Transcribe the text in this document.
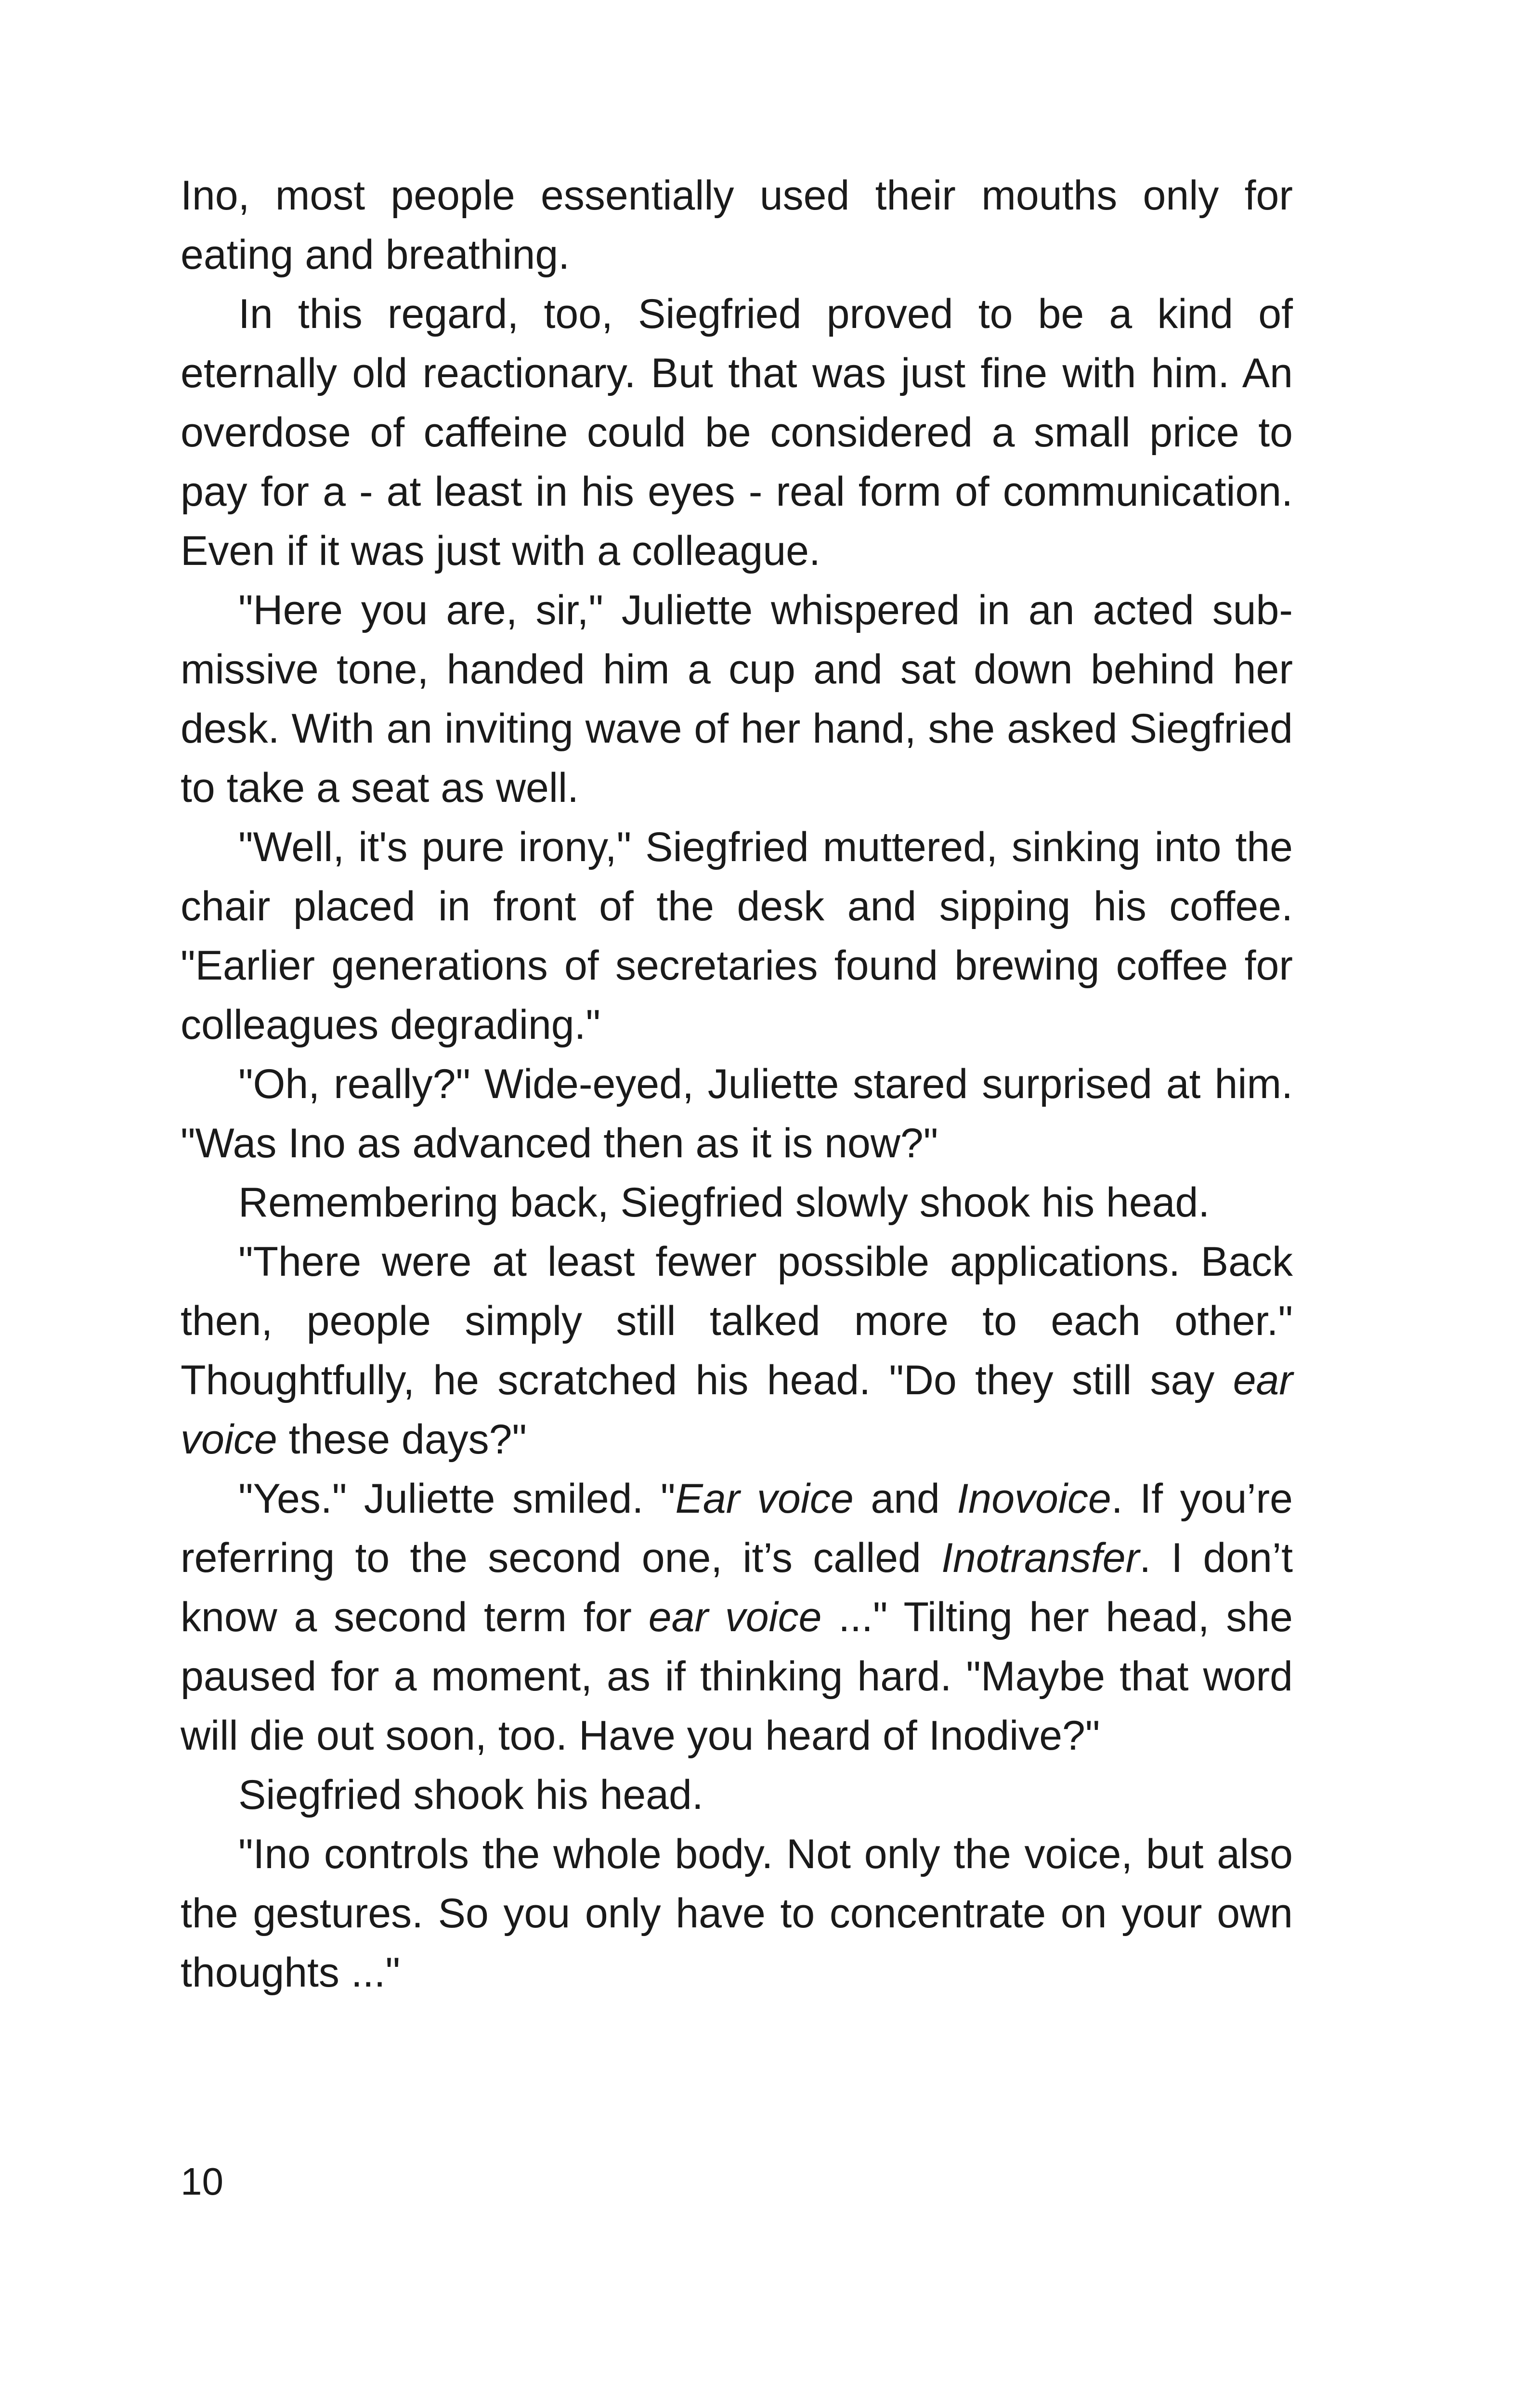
Ino, most people essentially used their mouths only for eating and breathing.

In this regard, too, Siegfried proved to be a kind of eternally old reactionary. But that was just fine with him. An overdose of caffeine could be considered a small price to pay for a - at least in his eyes - real form of communication. Even if it was just with a colleague.

"Here you are, sir," Juliette whispered in an acted submissive tone, handed him a cup and sat down behind her desk. With an inviting wave of her hand, she asked Siegfried to take a seat as well.

"Well, it's pure irony," Siegfried muttered, sinking into the chair placed in front of the desk and sipping his coffee. "Earlier generations of secretaries found brewing coffee for colleagues degrading."

"Oh, really?" Wide-eyed, Juliette stared surprised at him. "Was Ino as advanced then as it is now?"

Remembering back, Siegfried slowly shook his head.

"There were at least fewer possible applications. Back then, people simply still talked more to each other." Thoughtfully, he scratched his head. "Do they still say ear voice these days?"

"Yes." Juliette smiled. "Ear voice and Inovoice. If you’re referring to the second one, it’s called Inotransfer. I don’t know a second term for ear voice ..." Tilting her head, she paused for a moment, as if thinking hard. "Maybe that word will die out soon, too. Have you heard of Inodive?"

Siegfried shook his head.

"Ino controls the whole body. Not only the voice, but also the gestures. So you only have to concentrate on your own thoughts ..."

10
